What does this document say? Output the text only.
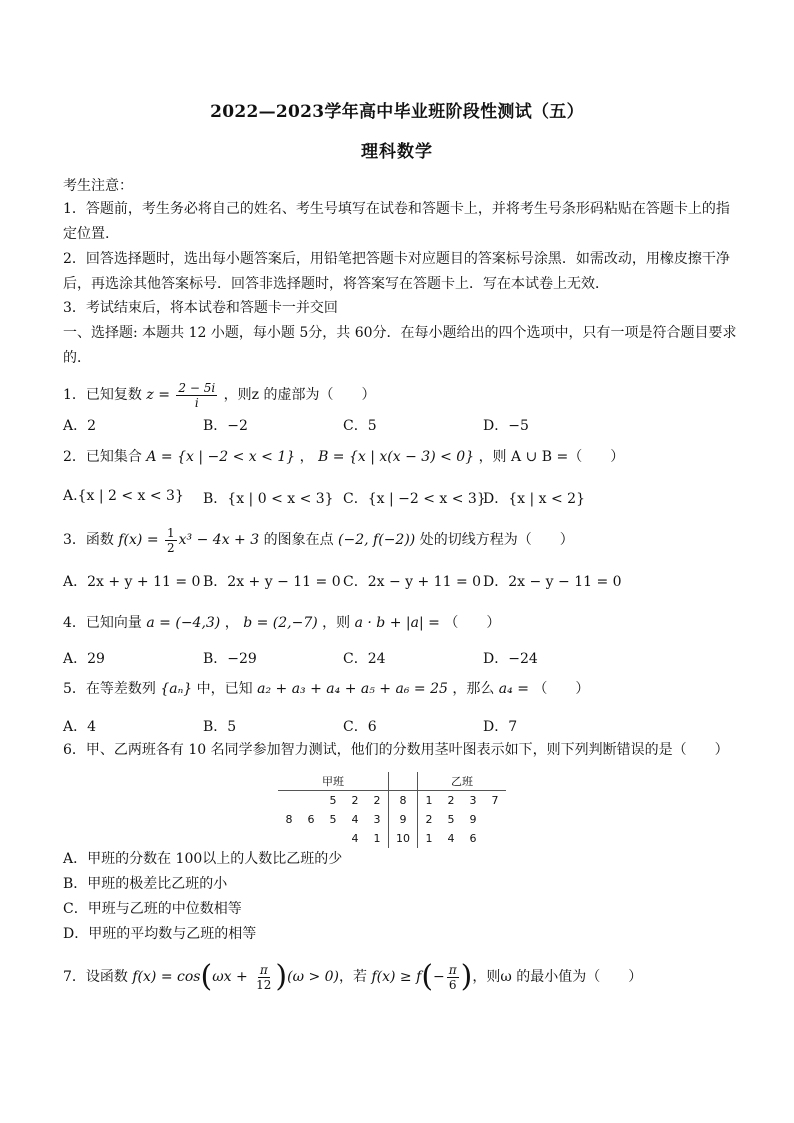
2022—2023学年高中毕业班阶段性测试（五）
理科数学
考生注意：
1．答题前，考生务必将自己的姓名、考生号填写在试卷和答题卡上，并将考生号条形码粘贴在答题卡上的指
定位置.
2．回答选择题时，选出每小题答案后，用铅笔把答题卡对应题目的答案标号涂黑．如需改动，用橡皮擦干净
后，再选涂其他答案标号．回答非选择题时，将答案写在答题卡上．写在本试卷上无效．
3．考试结束后，将本试卷和答题卡一并交回
一、选择题: 本题共 12 小题，每小题 5分，共 60分．在每小题给出的四个选项中，只有一项是符合题目要求
的．
1．已知复数 $z = \frac{2 - 5i}{i}$ ，则z 的虚部为（　　）
A．2	B．−2	C．5	D．−5
2．已知集合 A = {x | −2 < x < 1} ， B = {x | x(x − 3) < 0} ，则 A ∪ B =（　　）
A.{x | 2 < x < 3} B．{x | 0 < x < 3} C．{x | −2 < x < 3}
D．{x | x < 2}
3．函数 $f(x) = \frac{1}{2} x^3 - 4x + 3$ 的图象在点 (−2, f(−2)) 处的切线方程为（　　）
A．2x + y + 11 = 0 B．2x + y − 11 = 0 C．2x − y + 11 = 0 D．2x − y − 11 = 0
4．已知向量 a = (−4,3) ， b = (2,−7) ，则 a · b + |a| = （　　）
A．29	B．−29	C．24	D．−24
5．在等差数列 {aₙ} 中，已知 a₂ + a₃ + a₄ + a₅ + a₆ = 25 ，那么 a₄ = （　　）
A．4	B．5	C．6	D．7
6．甲、乙两班各有 10 名同学参加智力测试，他们的分数用茎叶图表示如下，则下列判断错误的是（　　）
甲班						乙班			
		5	2	2	8	1	2	3	7
8	6	5	4	3	9	2	5	9	
			4	1	10	1	4	6	
A．甲班的分数在 100以上的人数比乙班的少
B．甲班的极差比乙班的小
C．甲班与乙班的中位数相等
D．甲班的平均数与乙班的相等
7．设函数 $f(x) = \cos(\omega x + \frac{\pi}{12} )(\omega > 0)$，若 $f(x) \ge f(- \frac{\pi}{6}$ )，则ω 的最小值为（　　）
